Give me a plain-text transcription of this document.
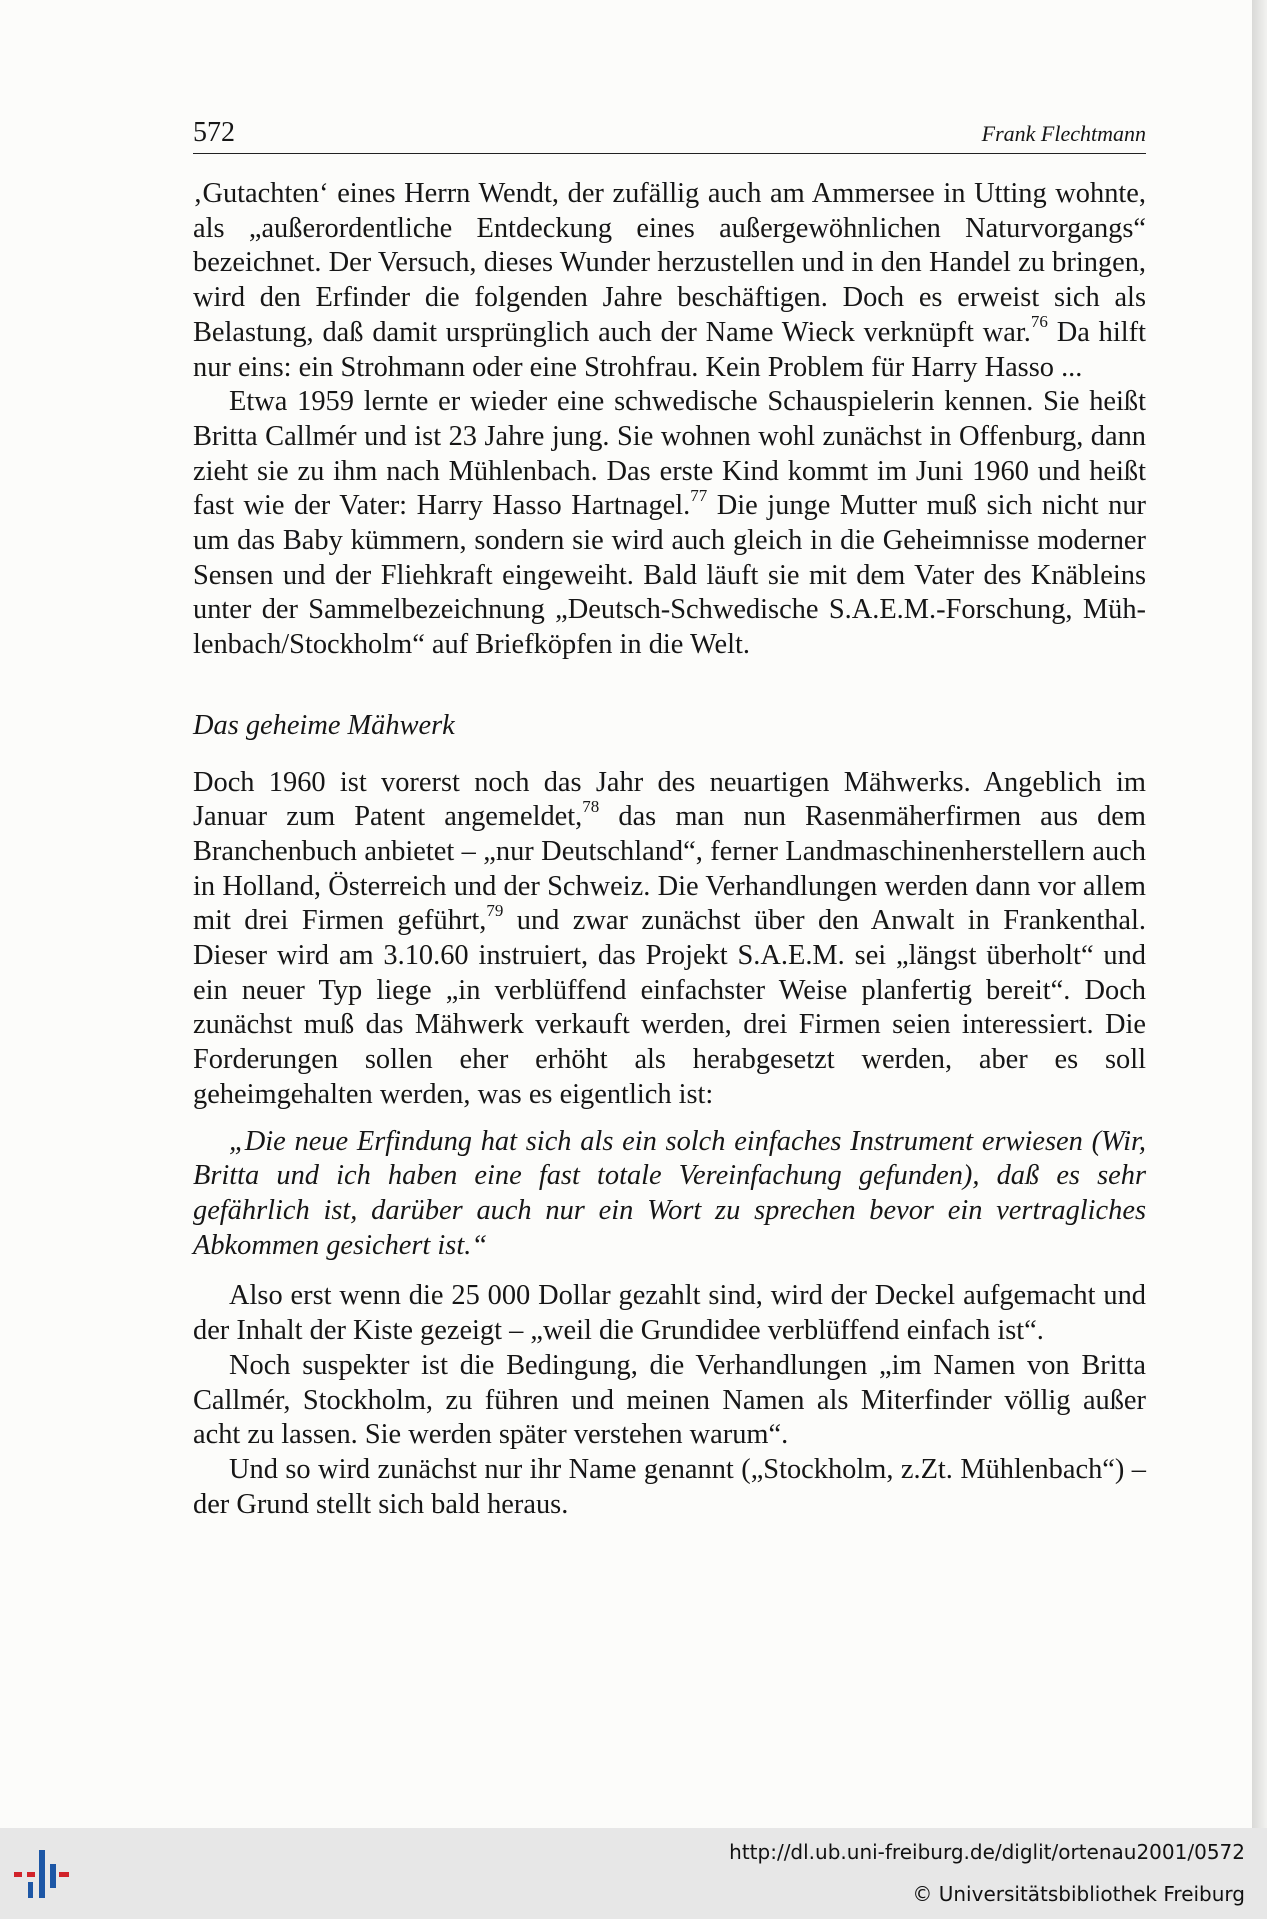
572	Frank Flechtmann

‚Gutachten‘ eines Herrn Wendt, der zufällig auch am Ammersee in Utting wohnte, als „außerordentliche Entdeckung eines außergewöhnlichen Naturvorgangs“ bezeichnet. Der Versuch, dieses Wunder herzustellen und in den Handel zu bringen, wird den Erfinder die folgenden Jahre beschäftigen. Doch es erweist sich als Belastung, daß damit ursprünglich auch der Name Wieck verknüpft war.$^{76}$ Da hilft nur eins: ein Strohmann oder eine Strohfrau. Kein Problem für Harry Hasso ...

Etwa 1959 lernte er wieder eine schwedische Schauspielerin kennen. Sie heißt Britta Callmér und ist 23 Jahre jung. Sie wohnen wohl zunächst in Offenburg, dann zieht sie zu ihm nach Mühlenbach. Das erste Kind kommt im Juni 1960 und heißt fast wie der Vater: Harry Hasso Hartnagel.$^{77}$ Die junge Mutter muß sich nicht nur um das Baby kümmern, sondern sie wird auch gleich in die Geheimnisse moderner Sensen und der Fliehkraft eingeweiht. Bald läuft sie mit dem Vater des Knäbleins unter der Sammelbezeichnung „Deutsch-Schwedische S.A.E.M.-Forschung, Mühlenbach/Stockholm“ auf Briefköpfen in die Welt.

Das geheime Mähwerk

Doch 1960 ist vorerst noch das Jahr des neuartigen Mähwerks. Angeblich im Januar zum Patent angemeldet,$^{78}$ das man nun Rasenmäherfirmen aus dem Branchenbuch anbietet – „nur Deutschland“, ferner Landmaschinenherstellern auch in Holland, Österreich und der Schweiz. Die Verhandlungen werden dann vor allem mit drei Firmen geführt,$^{79}$ und zwar zunächst über den Anwalt in Frankenthal. Dieser wird am 3.10.60 instruiert, das Projekt S.A.E.M. sei „längst überholt“ und ein neuer Typ liege „in verblüffend einfachster Weise planfertig bereit“. Doch zunächst muß das Mähwerk verkauft werden, drei Firmen seien interessiert. Die Forderungen sollen eher erhöht als herabgesetzt werden, aber es soll geheimgehalten werden, was es eigentlich ist:

„Die neue Erfindung hat sich als ein solch einfaches Instrument erwiesen (Wir, Britta und ich haben eine fast totale Vereinfachung gefunden), daß es sehr gefährlich ist, darüber auch nur ein Wort zu sprechen bevor ein vertragliches Abkommen gesichert ist.“

Also erst wenn die 25 000 Dollar gezahlt sind, wird der Deckel aufgemacht und der Inhalt der Kiste gezeigt – „weil die Grundidee verblüffend einfach ist“.

Noch suspekter ist die Bedingung, die Verhandlungen „im Namen von Britta Callmér, Stockholm, zu führen und meinen Namen als Miterfinder völlig außer acht zu lassen. Sie werden später verstehen warum“.

Und so wird zunächst nur ihr Name genannt („Stockholm, z.Zt. Mühlenbach“) – der Grund stellt sich bald heraus.

http://dl.ub.uni-freiburg.de/diglit/ortenau2001/0572
© Universitätsbibliothek Freiburg
